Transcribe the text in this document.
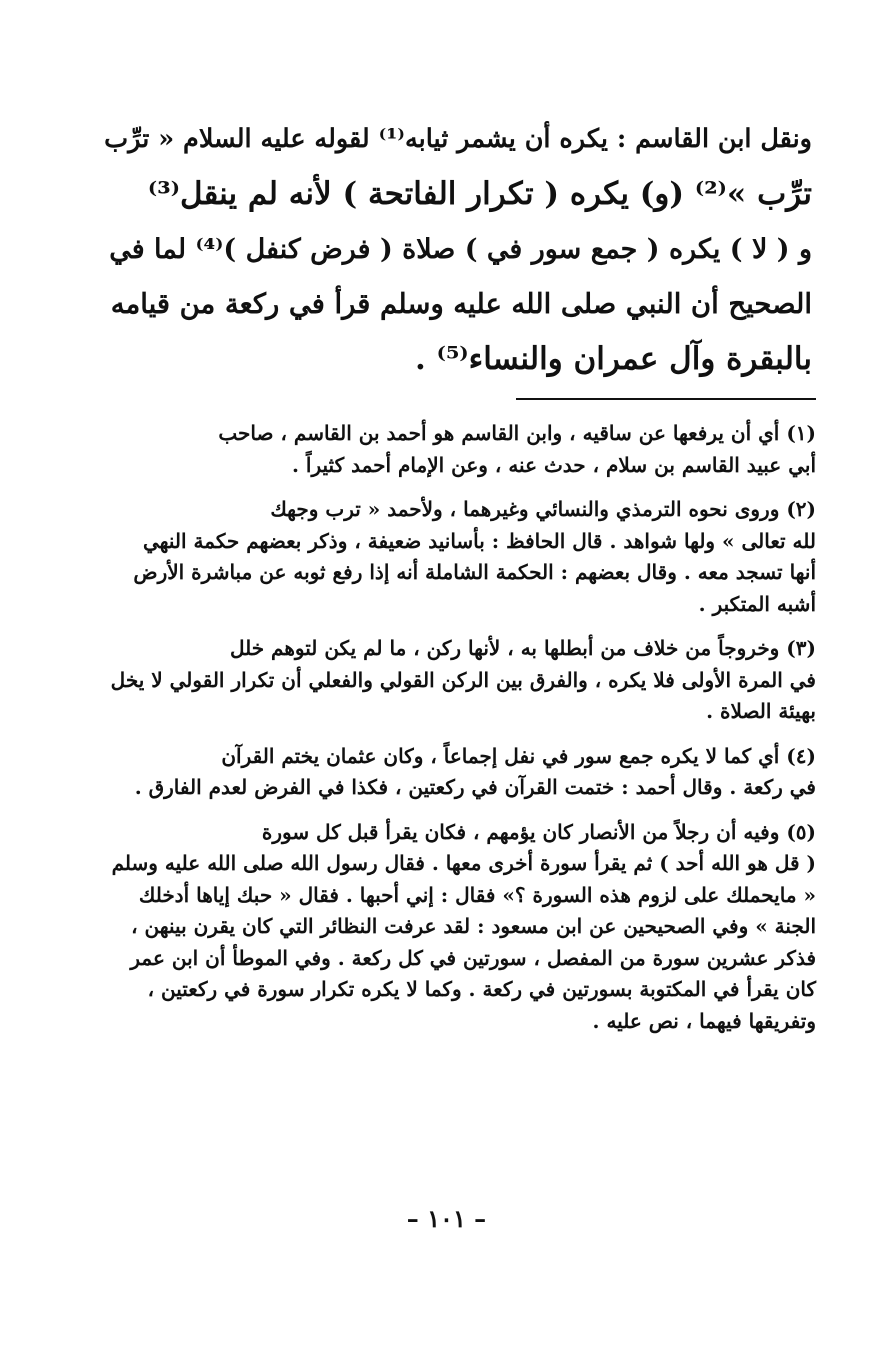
ونقل ابن القاسم : يكره أن يشمر ثيابه⁽¹⁾ لقوله عليه السلام « ترِّب
ترِّب »⁽²⁾ (و) يكره ( تكرار الفاتحة ) لأنه لم ينقل⁽³⁾
و ( لا ) يكره ( جمع سور في ) صلاة ( فرض كنفل )⁽⁴⁾ لما في
الصحيح أن النبي صلى الله عليه وسلم قرأ في ركعة من قيامه
بالبقرة وآل عمران والنساء⁽⁵⁾ .
(١) أي أن يرفعها عن ساقيه ، وابن القاسم هو أحمد بن القاسم ، صاحب
أبي عبيد القاسم بن سلام ، حدث عنه ، وعن الإمام أحمد كثيراً .
(٢) وروى نحوه الترمذي والنسائي وغيرهما ، ولأحمد « ترب وجهك
لله تعالى » ولها شواهد . قال الحافظ : بأسانيد ضعيفة ، وذكر بعضهم حكمة النهي
أنها تسجد معه . وقال بعضهم : الحكمة الشاملة أنه إذا رفع ثوبه عن مباشرة الأرض
أشبه المتكبر .
(٣) وخروجاً من خلاف من أبطلها به ، لأنها ركن ، ما لم يكن لتوهم خلل
في المرة الأولى فلا يكره ، والفرق بين الركن القولي والفعلي أن تكرار القولي لا يخل
بهيئة الصلاة .
(٤) أي كما لا يكره جمع سور في نفل إجماعاً ، وكان عثمان يختم القرآن
في ركعة . وقال أحمد : ختمت القرآن في ركعتين ، فكذا في الفرض لعدم الفارق .
(٥) وفيه أن رجلاً من الأنصار كان يؤمهم ، فكان يقرأ قبل كل سورة
( قل هو الله أحد ) ثم يقرأ سورة أخرى معها . فقال رسول الله صلى الله عليه وسلم
« مايحملك على لزوم هذه السورة ؟» فقال : إني أحبها . فقال « حبك إياها أدخلك
الجنة » وفي الصحيحين عن ابن مسعود : لقد عرفت النظائر التي كان يقرن بينهن ،
فذكر عشرين سورة من المفصل ، سورتين في كل ركعة . وفي الموطأ أن ابن عمر
كان يقرأ في المكتوبة بسورتين في ركعة . وكما لا يكره تكرار سورة في ركعتين ،
وتفريقها فيهما ، نص عليه .
– ١٠١ –
